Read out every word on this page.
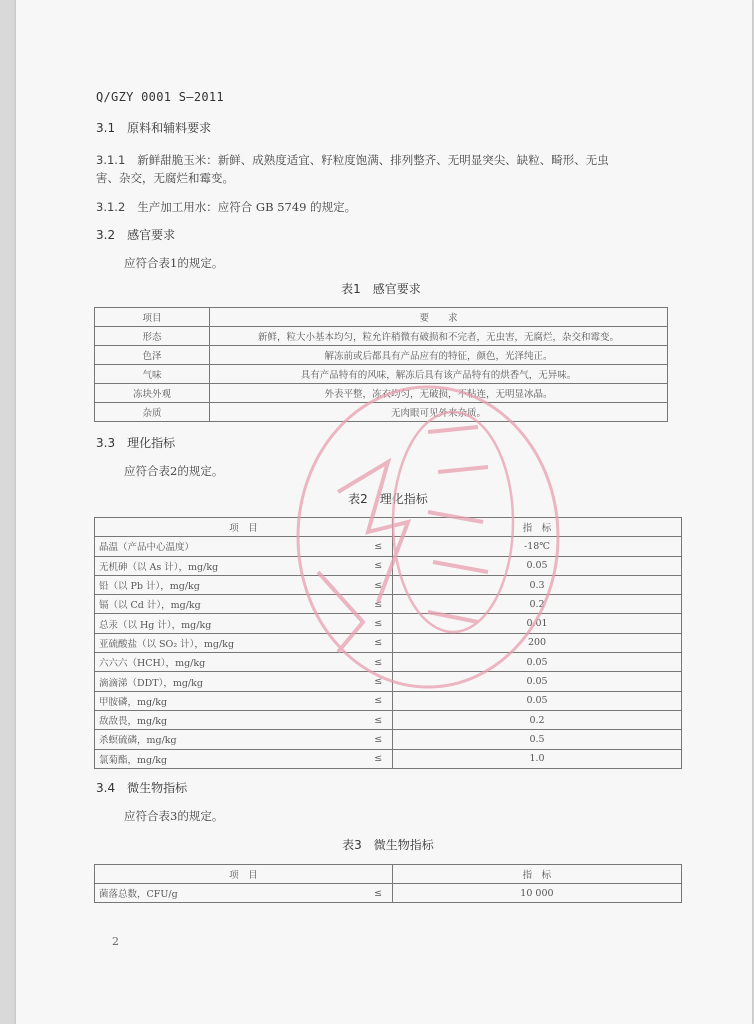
Q/GZY 0001 S—2011
3.1 原料和辅料要求
3.1.1 新鲜甜脆玉米：新鲜、成熟度适宜、籽粒度饱满、排列整齐、无明显突尖、缺粒、畸形、无虫
害、杂交，无腐烂和霉变。
3.1.2 生产加工用水：应符合 GB 5749 的规定。
3.2 感官要求
应符合表1的规定。
表1　感官要求
项目	要　　求
形态	新鲜，粒大小基本均匀，粒允许稍微有破损和不完者，无虫害，无腐烂，杂交和霉变。
色泽	解冻前或后都具有产品应有的特征，颜色，光泽纯正。
气味	具有产品特有的风味，解冻后具有该产品特有的烘香气，无异味。
冻块外观	外表平整，冻衣均匀，无破损，不粘连，无明显冰晶。
杂质	无肉眼可见外来杂质。
3.3 理化指标
应符合表2的规定。
表2　理化指标
项　目		指　标
晶温（产品中心温度）	≤	-18℃
无机砷（以 As 计），mg/kg	≤	0.05
铅（以 Pb 计），mg/kg	≤	0.3
镉（以 Cd 计），mg/kg	≤	0.2
总汞（以 Hg 计），mg/kg	≤	0.01
亚硫酸盐（以 SO₂ 计），mg/kg	≤	200
六六六（HCH），mg/kg	≤	0.05
滴滴涕（DDT），mg/kg	≤	0.05
甲胺磷，mg/kg	≤	0.05
敌敌畏，mg/kg	≤	0.2
杀螟硫磷，mg/kg	≤	0.5
氯菊酯，mg/kg	≤	1.0
3.4 微生物指标
应符合表3的规定。
表3　微生物指标
项　目		指　标
菌落总数，CFU/g	≤	10 000
2
